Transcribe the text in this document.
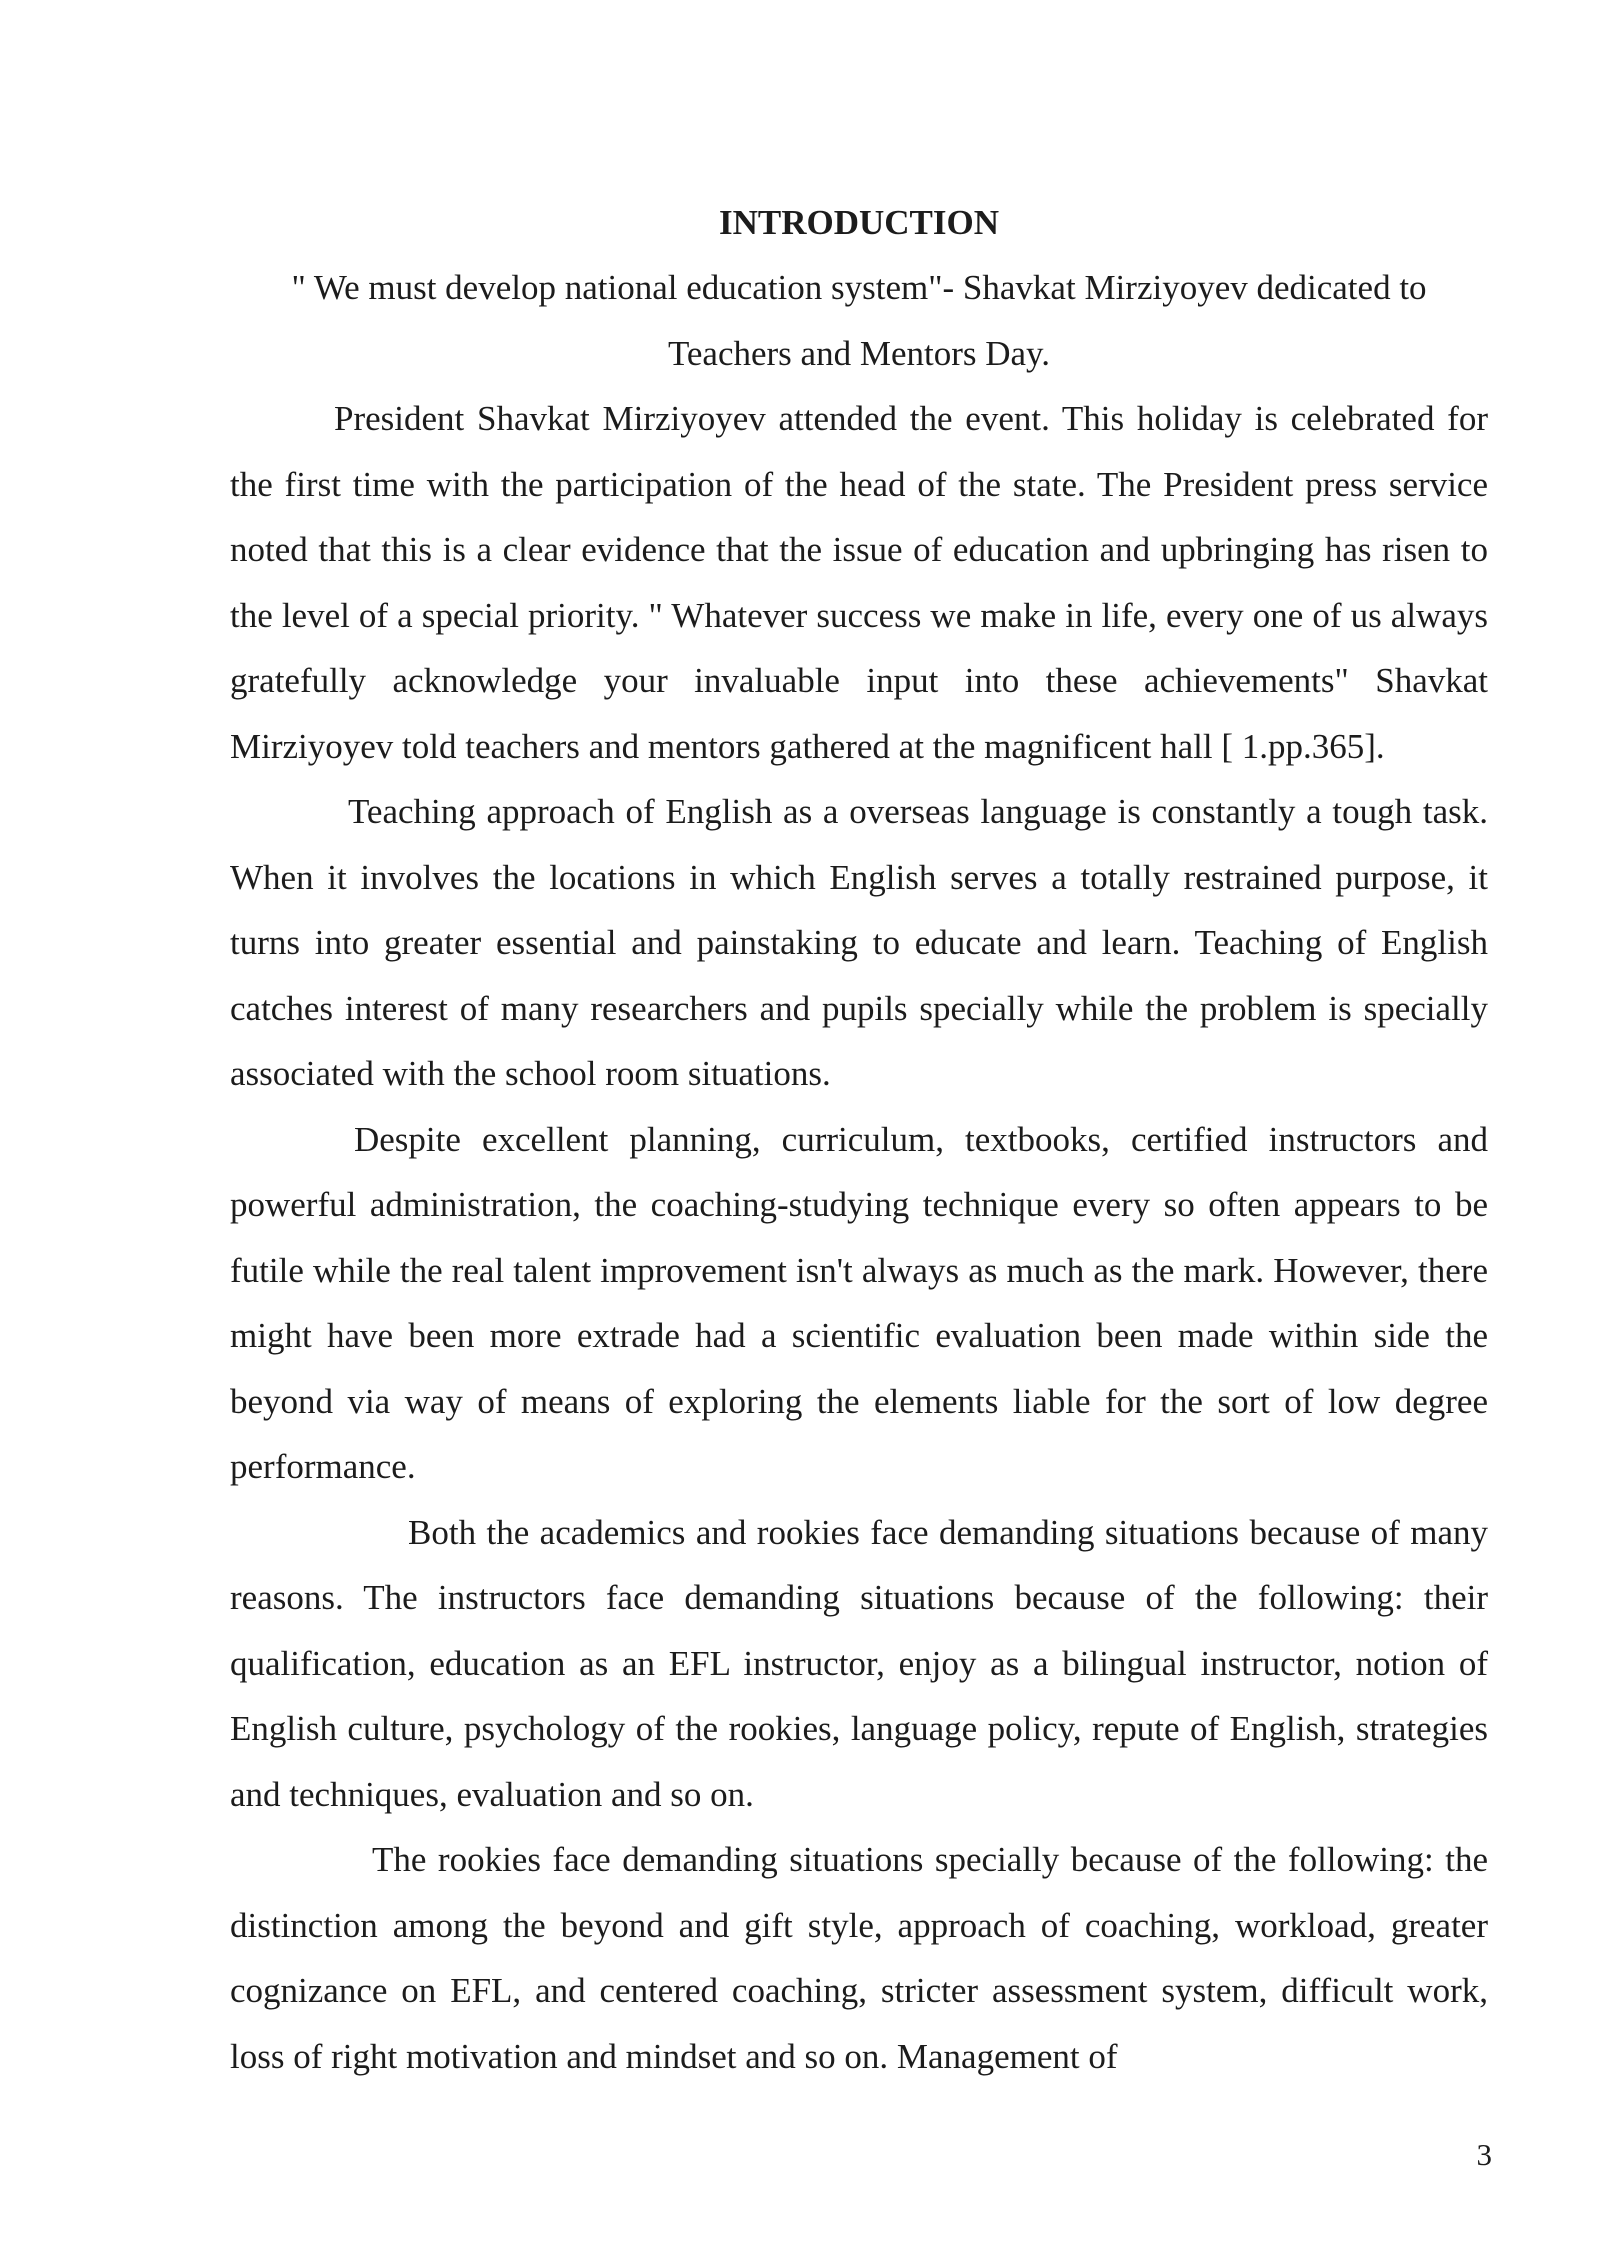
INTRODUCTION

" We must develop national education system"- Shavkat Mirziyoyev dedicated to Teachers and Mentors Day.

President Shavkat Mirziyoyev attended the event. This holiday is celebrated for the first time with the participation of the head of the state. The President press service noted that this is a clear evidence that the issue of education and upbringing has risen to the level of a special priority. " Whatever success we make in life, every one of us always gratefully acknowledge your invaluable input into these achievements" Shavkat Mirziyoyev told teachers and mentors gathered at the magnificent hall [ 1.pp.365].

Teaching approach of English as a overseas language is constantly a tough task. When it involves the locations in which English serves a totally restrained purpose, it turns into greater essential and painstaking to educate and learn. Teaching of English catches interest of many researchers and pupils specially while the problem is specially associated with the school room situations.

Despite excellent planning, curriculum, textbooks, certified instructors and powerful administration, the coaching-studying technique every so often appears to be futile while the real talent improvement isn't always as much as the mark. However, there might have been more extrade had a scientific evaluation been made within side the beyond via way of means of exploring the elements liable for the sort of low degree performance.

Both the academics and rookies face demanding situations because of many reasons. The instructors face demanding situations because of the following: their qualification, education as an EFL instructor, enjoy as a bilingual instructor, notion of English culture, psychology of the rookies, language policy, repute of English, strategies and techniques, evaluation and so on.

The rookies face demanding situations specially because of the following: the distinction among the beyond and gift style, approach of coaching, workload, greater cognizance on EFL, and centered coaching, stricter assessment system, difficult work, loss of right motivation and mindset and so on. Management of

3
